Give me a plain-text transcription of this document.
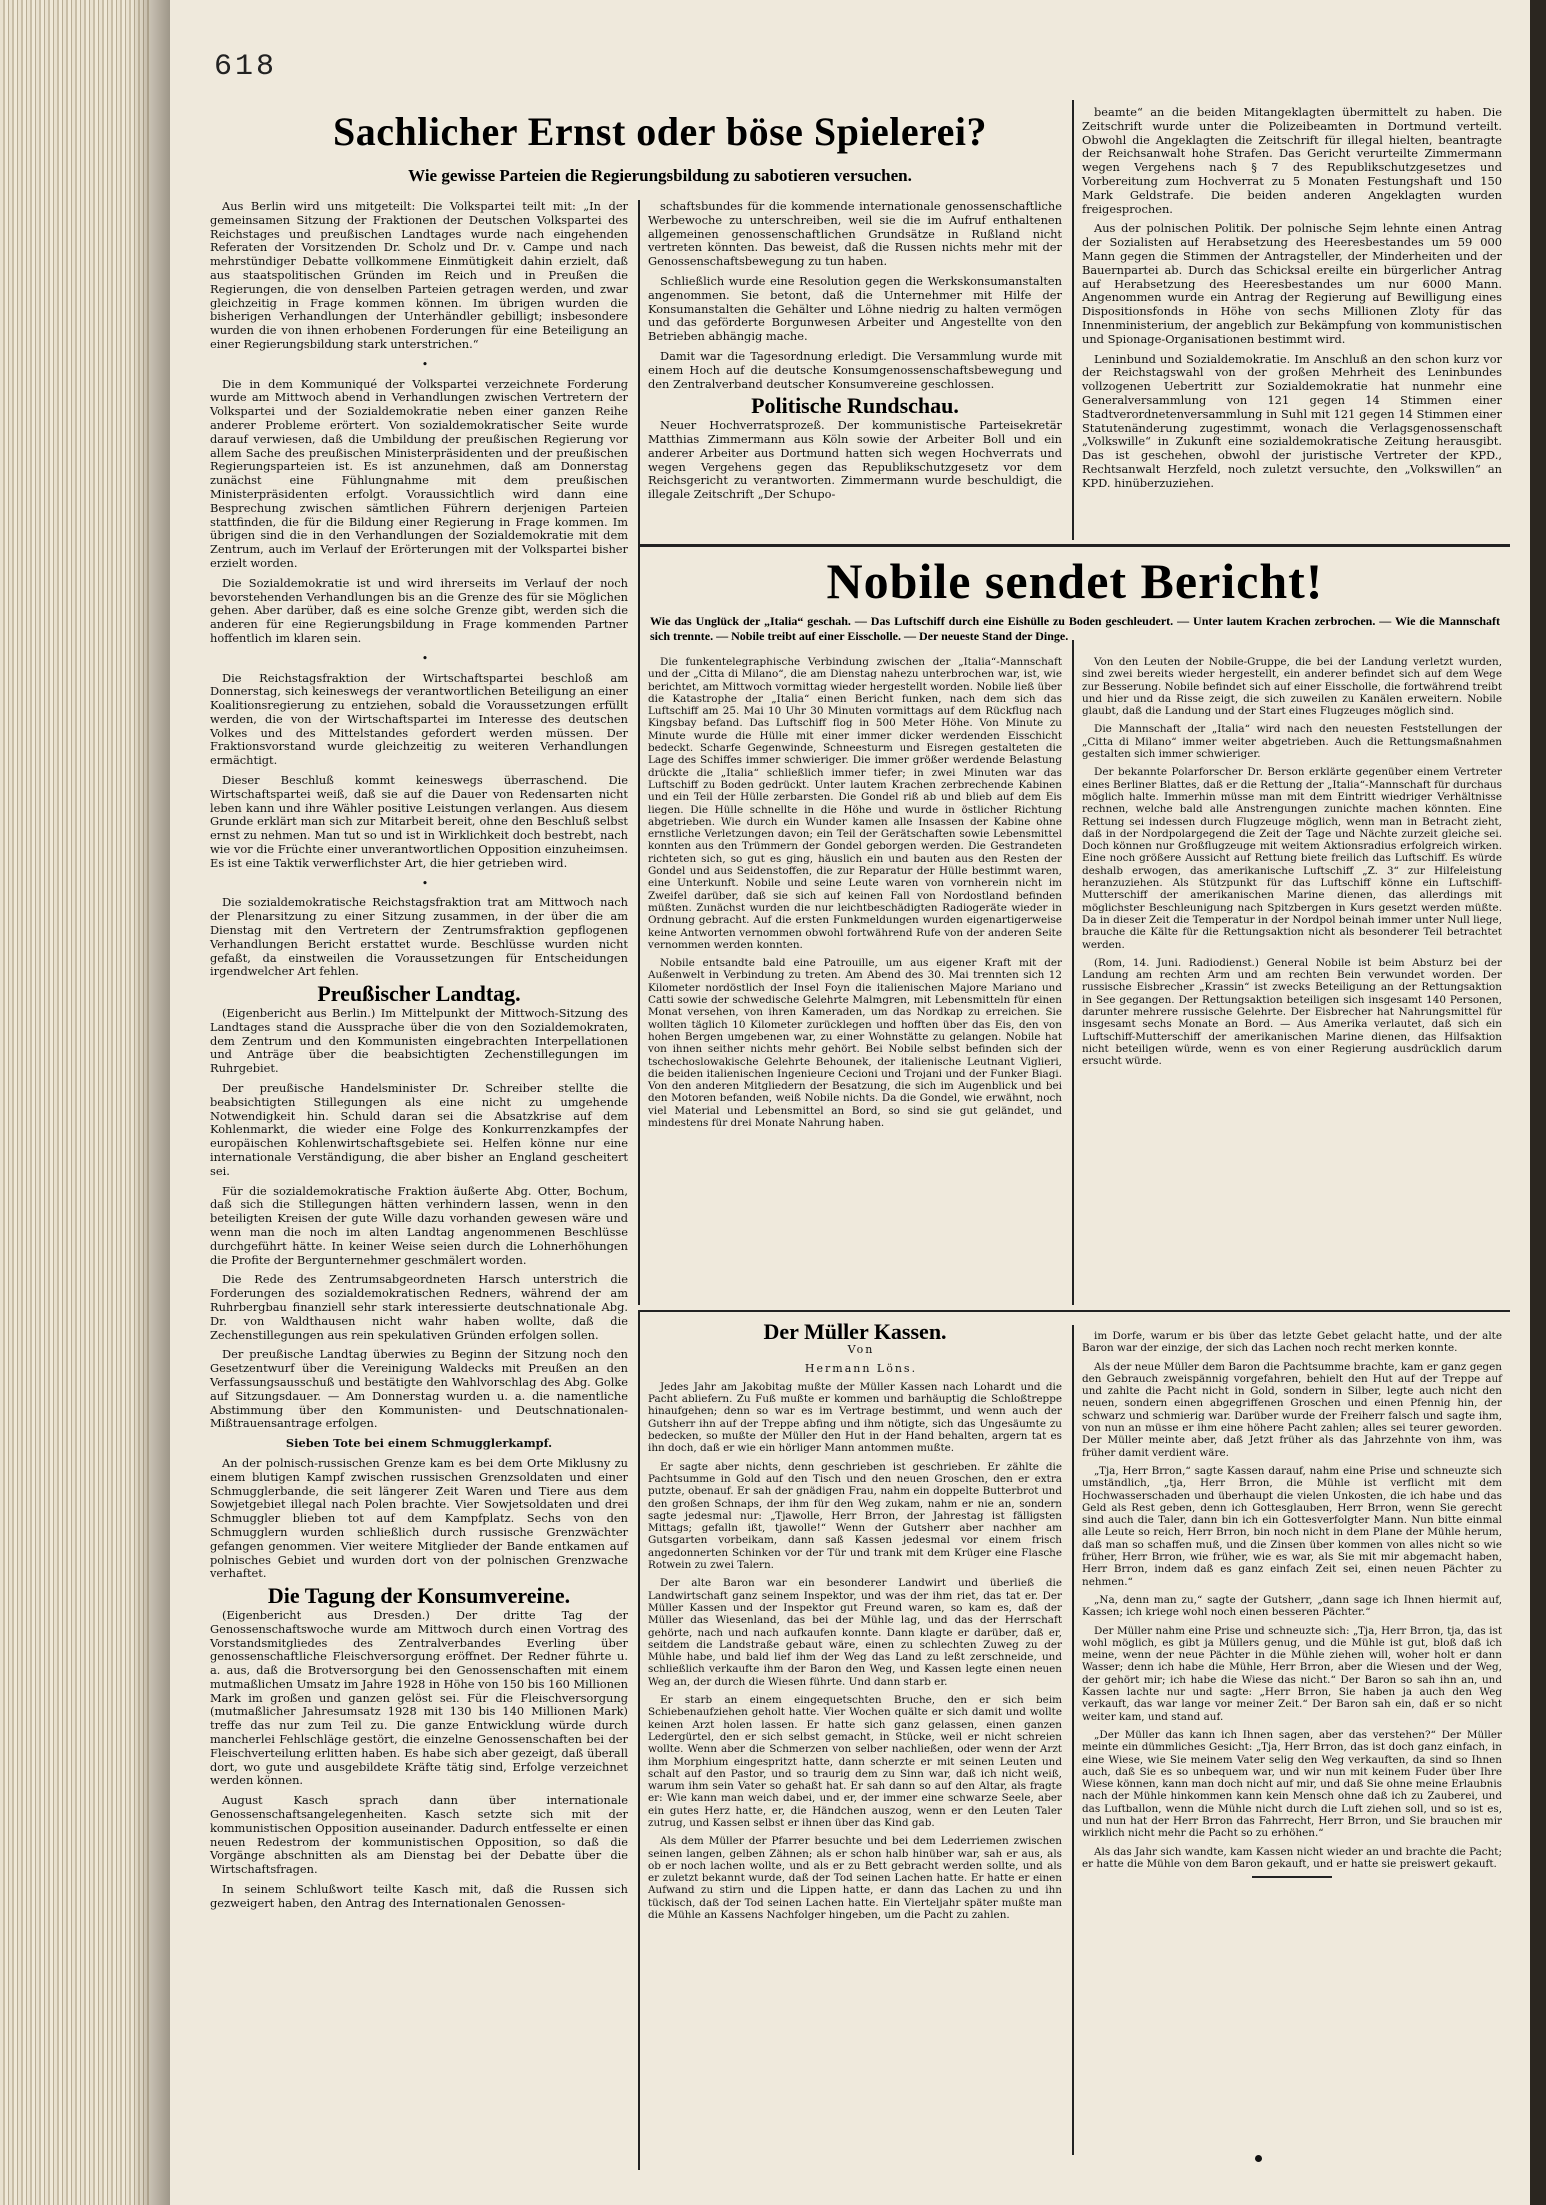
618
Sachlicher Ernst oder böse Spielerei?
Wie gewisse Parteien die Regierungsbildung zu sabotieren versuchen.

Aus Berlin wird uns mitgeteilt: Die Volkspartei teilt mit: „In der gemeinsamen Sitzung der Fraktionen der Deutschen Volkspartei des Reichstages und preußischen Landtages wurde nach eingehenden Referaten der Vorsitzenden Dr. Scholz und Dr. v. Campe und nach mehrstündiger Debatte vollkommene Einmütigkeit dahin erzielt, daß aus staatspolitischen Gründen im Reich und in Preußen die Regierungen, die von denselben Parteien getragen werden, und zwar gleichzeitig in Frage kommen können. Im übrigen wurden die bisherigen Verhandlungen der Unterhändler gebilligt; insbesondere wurden die von ihnen erhobenen Forderungen für eine Beteiligung an einer Regierungsbildung stark unterstrichen.“

•

Die in dem Kommuniqué der Volkspartei verzeichnete Forderung wurde am Mittwoch abend in Verhandlungen zwischen Vertretern der Volkspartei und der Sozialdemokratie neben einer ganzen Reihe anderer Probleme erörtert. Von sozialdemokratischer Seite wurde darauf verwiesen, daß die Umbildung der preußischen Regierung vor allem Sache des preußischen Ministerpräsidenten und der preußischen Regierungsparteien ist. Es ist anzunehmen, daß am Donnerstag zunächst eine Fühlungnahme mit dem preußischen Ministerpräsidenten erfolgt. Voraussichtlich wird dann eine Besprechung zwischen sämtlichen Führern derjenigen Parteien stattfinden, die für die Bildung einer Regierung in Frage kommen. Im übrigen sind die in den Verhandlungen der Sozialdemokratie mit dem Zentrum, auch im Verlauf der Erörterungen mit der Volkspartei bisher erzielt worden.

Die Sozialdemokratie ist und wird ihrerseits im Verlauf der noch bevorstehenden Verhandlungen bis an die Grenze des für sie Möglichen gehen. Aber darüber, daß es eine solche Grenze gibt, werden sich die anderen für eine Regierungsbildung in Frage kommenden Partner hoffentlich im klaren sein.

•

Die Reichstagsfraktion der Wirtschaftspartei beschloß am Donnerstag, sich keineswegs der verantwortlichen Beteiligung an einer Koalitionsregierung zu entziehen, sobald die Voraussetzungen erfüllt werden, die von der Wirtschaftspartei im Interesse des deutschen Volkes und des Mittelstandes gefordert werden müssen. Der Fraktionsvorstand wurde gleichzeitig zu weiteren Verhandlungen ermächtigt.

Dieser Beschluß kommt keineswegs überraschend. Die Wirtschaftspartei weiß, daß sie auf die Dauer von Redensarten nicht leben kann und ihre Wähler positive Leistungen verlangen. Aus diesem Grunde erklärt man sich zur Mitarbeit bereit, ohne den Beschluß selbst ernst zu nehmen. Man tut so und ist in Wirklichkeit doch bestrebt, nach wie vor die Früchte einer unverantwortlichen Opposition einzuheimsen. Es ist eine Taktik verwerflichster Art, die hier getrieben wird.

•

Die sozialdemokratische Reichstagsfraktion trat am Mittwoch nach der Plenarsitzung zu einer Sitzung zusammen, in der über die am Dienstag mit den Vertretern der Zentrumsfraktion gepflogenen Verhandlungen Bericht erstattet wurde. Beschlüsse wurden nicht gefaßt, da einstweilen die Voraussetzungen für Entscheidungen irgendwelcher Art fehlen.

Preußischer Landtag.

(Eigenbericht aus Berlin.) Im Mittelpunkt der Mittwoch-Sitzung des Landtages stand die Aussprache über die von den Sozialdemokraten, dem Zentrum und den Kommunisten eingebrachten Interpellationen und Anträge über die beabsichtigten Zechenstillegungen im Ruhrgebiet.

Der preußische Handelsminister Dr. Schreiber stellte die beabsichtigten Stillegungen als eine nicht zu umgehende Notwendigkeit hin. Schuld daran sei die Absatzkrise auf dem Kohlenmarkt, die wieder eine Folge des Konkurrenzkampfes der europäischen Kohlenwirtschaftsgebiete sei. Helfen könne nur eine internationale Verständigung, die aber bisher an England gescheitert sei.

Für die sozialdemokratische Fraktion äußerte Abg. Otter, Bochum, daß sich die Stillegungen hätten verhindern lassen, wenn in den beteiligten Kreisen der gute Wille dazu vorhanden gewesen wäre und wenn man die noch im alten Landtag angenommenen Beschlüsse durchgeführt hätte. In keiner Weise seien durch die Lohnerhöhungen die Profite der Bergunternehmer geschmälert worden.

Die Rede des Zentrumsabgeordneten Harsch unterstrich die Forderungen des sozialdemokratischen Redners, während der am Ruhrbergbau finanziell sehr stark interessierte deutschnationale Abg. Dr. von Waldthausen nicht wahr haben wollte, daß die Zechenstillegungen aus rein spekulativen Gründen erfolgen sollen.

Der preußische Landtag überwies zu Beginn der Sitzung noch den Gesetzentwurf über die Vereinigung Waldecks mit Preußen an den Verfassungsausschuß und bestätigte den Wahlvorschlag des Abg. Golke auf Sitzungsdauer. — Am Donnerstag wurden u. a. die namentliche Abstimmung über den Kommunisten- und Deutschnationalen-Mißtrauensantrage erfolgen.

Sieben Tote bei einem Schmugglerkampf.

An der polnisch-russischen Grenze kam es bei dem Orte Miklusny zu einem blutigen Kampf zwischen russischen Grenzsoldaten und einer Schmugglerbande, die seit längerer Zeit Waren und Tiere aus dem Sowjetgebiet illegal nach Polen brachte. Vier Sowjetsoldaten und drei Schmuggler blieben tot auf dem Kampfplatz. Sechs von den Schmugglern wurden schließlich durch russische Grenzwächter gefangen genommen. Vier weitere Mitglieder der Bande entkamen auf polnisches Gebiet und wurden dort von der polnischen Grenzwache verhaftet.

Die Tagung der Konsumvereine.

(Eigenbericht aus Dresden.) Der dritte Tag der Genossenschaftswoche wurde am Mittwoch durch einen Vortrag des Vorstandsmitgliedes des Zentralverbandes Everling über genossenschaftliche Fleischversorgung eröffnet. Der Redner führte u. a. aus, daß die Brotversorgung bei den Genossenschaften mit einem mutmaßlichen Umsatz im Jahre 1928 in Höhe von 150 bis 160 Millionen Mark im großen und ganzen gelöst sei. Für die Fleischversorgung (mutmaßlicher Jahresumsatz 1928 mit 130 bis 140 Millionen Mark) treffe das nur zum Teil zu. Die ganze Entwicklung würde durch mancherlei Fehlschläge gestört, die einzelne Genossenschaften bei der Fleischverteilung erlitten haben. Es habe sich aber gezeigt, daß überall dort, wo gute und ausgebildete Kräfte tätig sind, Erfolge verzeichnet werden können.

August Kasch sprach dann über internationale Genossenschaftsangelegenheiten. Kasch setzte sich mit der kommunistischen Opposition auseinander. Dadurch entfesselte er einen neuen Redestrom der kommunistischen Opposition, so daß die Vorgänge abschnitten als am Dienstag bei der Debatte über die Wirtschaftsfragen.

In seinem Schlußwort teilte Kasch mit, daß die Russen sich gezweigert haben, den Antrag des Internationalen Genossen-

schaftsbundes für die kommende internationale genossenschaftliche Werbewoche zu unterschreiben, weil sie die im Aufruf enthaltenen allgemeinen genossenschaftlichen Grundsätze in Rußland nicht vertreten könnten. Das beweist, daß die Russen nichts mehr mit der Genossenschaftsbewegung zu tun haben.

Schließlich wurde eine Resolution gegen die Werkskonsumanstalten angenommen. Sie betont, daß die Unternehmer mit Hilfe der Konsumanstalten die Gehälter und Löhne niedrig zu halten vermögen und das geförderte Borgunwesen Arbeiter und Angestellte von den Betrieben abhängig mache.

Damit war die Tagesordnung erledigt. Die Versammlung wurde mit einem Hoch auf die deutsche Konsumgenossenschaftsbewegung und den Zentralverband deutscher Konsumvereine geschlossen.

Politische Rundschau.

Neuer Hochverratsprozeß. Der kommunistische Parteisekretär Matthias Zimmermann aus Köln sowie der Arbeiter Boll und ein anderer Arbeiter aus Dortmund hatten sich wegen Hochverrats und wegen Vergehens gegen das Republikschutzgesetz vor dem Reichsgericht zu verantworten. Zimmermann wurde beschuldigt, die illegale Zeitschrift „Der Schupo-

beamte“ an die beiden Mitangeklagten übermittelt zu haben. Die Zeitschrift wurde unter die Polizeibeamten in Dortmund verteilt. Obwohl die Angeklagten die Zeitschrift für illegal hielten, beantragte der Reichsanwalt hohe Strafen. Das Gericht verurteilte Zimmermann wegen Vergehens nach § 7 des Republikschutzgesetzes und Vorbereitung zum Hochverrat zu 5 Monaten Festungshaft und 150 Mark Geldstrafe. Die beiden anderen Angeklagten wurden freigesprochen.

Aus der polnischen Politik. Der polnische Sejm lehnte einen Antrag der Sozialisten auf Herabsetzung des Heeresbestandes um 59 000 Mann gegen die Stimmen der Antragsteller, der Minderheiten und der Bauernpartei ab. Durch das Schicksal ereilte ein bürgerlicher Antrag auf Herabsetzung des Heeresbestandes um nur 6000 Mann. Angenommen wurde ein Antrag der Regierung auf Bewilligung eines Dispositionsfonds in Höhe von sechs Millionen Zloty für das Innenministerium, der angeblich zur Bekämpfung von kommunistischen und Spionage-Organisationen bestimmt wird.

Leninbund und Sozialdemokratie. Im Anschluß an den schon kurz vor der Reichstagswahl von der großen Mehrheit des Leninbundes vollzogenen Uebertritt zur Sozialdemokratie hat nunmehr eine Generalversammlung von 121 gegen 14 Stimmen einer Stadtverordnetenversammlung in Suhl mit 121 gegen 14 Stimmen einer Statutenänderung zugestimmt, wonach die Verlagsgenossenschaft „Volkswille“ in Zukunft eine sozialdemokratische Zeitung herausgibt. Das ist geschehen, obwohl der juristische Vertreter der KPD., Rechtsanwalt Herzfeld, noch zuletzt versuchte, den „Volkswillen“ an KPD. hinüberzuziehen.

Nobile sendet Bericht!
Wie das Unglück der „Italia“ geschah. — Das Luftschiff durch eine Eishülle zu Boden geschleudert. — Unter lautem Krachen zerbrochen. — Wie die Mannschaft sich trennte. — Nobile treibt auf einer Eisscholle. — Der neueste Stand der Dinge.

Die funkentelegraphische Verbindung zwischen der „Italia“-Mannschaft und der „Citta di Milano“, die am Dienstag nahezu unterbrochen war, ist, wie berichtet, am Mittwoch vormittag wieder hergestellt worden. Nobile ließ über die Katastrophe der „Italia“ einen Bericht funken, nach dem sich das Luftschiff am 25. Mai 10 Uhr 30 Minuten vormittags auf dem Rückflug nach Kingsbay befand. Das Luftschiff flog in 500 Meter Höhe. Von Minute zu Minute wurde die Hülle mit einer immer dicker werdenden Eisschicht bedeckt. Scharfe Gegenwinde, Schneesturm und Eisregen gestalteten die Lage des Schiffes immer schwieriger. Die immer größer werdende Belastung drückte die „Italia“ schließlich immer tiefer; in zwei Minuten war das Luftschiff zu Boden gedrückt. Unter lautem Krachen zerbrechende Kabinen und ein Teil der Hülle zerbarsten. Die Gondel riß ab und blieb auf dem Eis liegen. Die Hülle schnellte in die Höhe und wurde in östlicher Richtung abgetrieben. Wie durch ein Wunder kamen alle Insassen der Kabine ohne ernstliche Verletzungen davon; ein Teil der Gerätschaften sowie Lebensmittel konnten aus den Trümmern der Gondel geborgen werden. Die Gestrandeten richteten sich, so gut es ging, häuslich ein und bauten aus den Resten der Gondel und aus Seidenstoffen, die zur Reparatur der Hülle bestimmt waren, eine Unterkunft. Nobile und seine Leute waren von vornherein nicht im Zweifel darüber, daß sie sich auf keinen Fall von Nordostland befinden müßten. Zunächst wurden die nur leichtbeschädigten Radiogeräte wieder in Ordnung gebracht. Auf die ersten Funkmeldungen wurden eigenartigerweise keine Antworten vernommen obwohl fortwährend Rufe von der anderen Seite vernommen werden konnten.

Nobile entsandte bald eine Patrouille, um aus eigener Kraft mit der Außenwelt in Verbindung zu treten. Am Abend des 30. Mai trennten sich 12 Kilometer nordöstlich der Insel Foyn die italienischen Majore Mariano und Catti sowie der schwedische Gelehrte Malmgren, mit Lebensmitteln für einen Monat versehen, von ihren Kameraden, um das Nordkap zu erreichen. Sie wollten täglich 10 Kilometer zurücklegen und hofften über das Eis, den von hohen Bergen umgebenen war, zu einer Wohnstätte zu gelangen. Nobile hat von ihnen seither nichts mehr gehört. Bei Nobile selbst befinden sich der tschechoslowakische Gelehrte Behounek, der italienische Leutnant Viglieri, die beiden italienischen Ingenieure Cecioni und Trojani und der Funker Biagi. Von den anderen Mitgliedern der Besatzung, die sich im Augenblick und bei den Motoren befanden, weiß Nobile nichts. Da die Gondel, wie erwähnt, noch viel Material und Lebensmittel an Bord, so sind sie gut geländet, und mindestens für drei Monate Nahrung haben.

Von den Leuten der Nobile-Gruppe, die bei der Landung verletzt wurden, sind zwei bereits wieder hergestellt, ein anderer befindet sich auf dem Wege zur Besserung. Nobile befindet sich auf einer Eisscholle, die fortwährend treibt und hier und da Risse zeigt, die sich zuweilen zu Kanälen erweitern. Nobile glaubt, daß die Landung und der Start eines Flugzeuges möglich sind.

Die Mannschaft der „Italia“ wird nach den neuesten Feststellungen der „Citta di Milano“ immer weiter abgetrieben. Auch die Rettungsmaßnahmen gestalten sich immer schwieriger.

Der bekannte Polarforscher Dr. Berson erklärte gegenüber einem Vertreter eines Berliner Blattes, daß er die Rettung der „Italia“-Mannschaft für durchaus möglich halte. Immerhin müsse man mit dem Eintritt wiedriger Verhältnisse rechnen, welche bald alle Anstrengungen zunichte machen könnten. Eine Rettung sei indessen durch Flugzeuge möglich, wenn man in Betracht zieht, daß in der Nordpolargegend die Zeit der Tage und Nächte zurzeit gleiche sei. Doch können nur Großflugzeuge mit weitem Aktionsradius erfolgreich wirken. Eine noch größere Aussicht auf Rettung biete freilich das Luftschiff. Es würde deshalb erwogen, das amerikanische Luftschiff „Z. 3“ zur Hilfeleistung heranzuziehen. Als Stützpunkt für das Luftschiff könne ein Luftschiff-Mutterschiff der amerikanischen Marine dienen, das allerdings mit möglichster Beschleunigung nach Spitzbergen in Kurs gesetzt werden müßte. Da in dieser Zeit die Temperatur in der Nordpol beinah immer unter Null liege, brauche die Kälte für die Rettungsaktion nicht als besonderer Teil betrachtet werden.

(Rom, 14. Juni. Radiodienst.) General Nobile ist beim Absturz bei der Landung am rechten Arm und am rechten Bein verwundet worden. Der russische Eisbrecher „Krassin“ ist zwecks Beteiligung an der Rettungsaktion in See gegangen. Der Rettungsaktion beteiligen sich insgesamt 140 Personen, darunter mehrere russische Gelehrte. Der Eisbrecher hat Nahrungsmittel für insgesamt sechs Monate an Bord. — Aus Amerika verlautet, daß sich ein Luftschiff-Mutterschiff der amerikanischen Marine dienen, das Hilfsaktion nicht beteiligen würde, wenn es von einer Regierung ausdrücklich darum ersucht würde.

Der Müller Kassen.

Von

Hermann Löns.

Jedes Jahr am Jakobitag mußte der Müller Kassen nach Lohardt und die Pacht abliefern. Zu Fuß mußte er kommen und barhäuptig die Schloßtreppe hinaufgehen; denn so war es im Vertrage bestimmt, und wenn auch der Gutsherr ihn auf der Treppe abfing und ihm nötigte, sich das Ungesäumte zu bedecken, so mußte der Müller den Hut in der Hand behalten, argern tat es ihn doch, daß er wie ein hörliger Mann antommen mußte.

Er sagte aber nichts, denn geschrieben ist geschrieben. Er zählte die Pachtsumme in Gold auf den Tisch und den neuen Groschen, den er extra putzte, obenauf. Er sah der gnädigen Frau, nahm ein doppelte Butterbrot und den großen Schnaps, der ihm für den Weg zukam, nahm er nie an, sondern sagte jedesmal nur: „Tjawolle, Herr Brron, der Jahrestag ist fälligsten Mittags; gefalln ißt, tjawolle!“ Wenn der Gutsherr aber nachher am Gutsgarten vorbeikam, dann saß Kassen jedesmal vor einem frisch angedonnerten Schinken vor der Tür und trank mit dem Krüger eine Flasche Rotwein zu zwei Talern.

Der alte Baron war ein besonderer Landwirt und überließ die Landwirtschaft ganz seinem Inspektor, und was der ihm riet, das tat er. Der Müller Kassen und der Inspektor gut Freund waren, so kam es, daß der Müller das Wiesenland, das bei der Mühle lag, und das der Herrschaft gehörte, nach und nach aufkaufen konnte. Dann klagte er darüber, daß er, seitdem die Landstraße gebaut wäre, einen zu schlechten Zuweg zu der Mühle habe, und bald lief ihm der Weg das Land zu leßt zerschneide, und schließlich verkaufte ihm der Baron den Weg, und Kassen legte einen neuen Weg an, der durch die Wiesen führte. Und dann starb er.

Er starb an einem eingequetschten Bruche, den er sich beim Schiebenaufziehen geholt hatte. Vier Wochen quälte er sich damit und wollte keinen Arzt holen lassen. Er hatte sich ganz gelassen, einen ganzen Ledergürtel, den er sich selbst gemacht, in Stücke, weil er nicht schreien wollte. Wenn aber die Schmerzen von selber nachließen, oder wenn der Arzt ihm Morphium eingespritzt hatte, dann scherzte er mit seinen Leuten und schalt auf den Pastor, und so traurig dem zu Sinn war, daß ich nicht weiß, warum ihm sein Vater so gehaßt hat. Er sah dann so auf den Altar, als fragte er: Wie kann man weich dabei, und er, der immer eine schwarze Seele, aber ein gutes Herz hatte, er, die Händchen auszog, wenn er den Leuten Taler zutrug, und Kassen selbst er ihnen über das Kind gab.

Als dem Müller der Pfarrer besuchte und bei dem Lederriemen zwischen seinen langen, gelben Zähnen; als er schon halb hinüber war, sah er aus, als ob er noch lachen wollte, und als er zu Bett gebracht werden sollte, und als er zuletzt bekannt wurde, daß der Tod seinen Lachen hatte. Er hatte er einen Aufwand zu stirn und die Lippen hatte, er dann das Lachen zu und ihn tückisch, daß der Tod seinen Lachen hatte. Ein Vierteljahr später mußte man die Mühle an Kassens Nachfolger hingeben, um die Pacht zu zahlen.

im Dorfe, warum er bis über das letzte Gebet gelacht hatte, und der alte Baron war der einzige, der sich das Lachen noch recht merken konnte.

Als der neue Müller dem Baron die Pachtsumme brachte, kam er ganz gegen den Gebrauch zweispännig vorgefahren, behielt den Hut auf der Treppe auf und zahlte die Pacht nicht in Gold, sondern in Silber, legte auch nicht den neuen, sondern einen abgegriffenen Groschen und einen Pfennig hin, der schwarz und schmierig war. Darüber wurde der Freiherr falsch und sagte ihm, von nun an müsse er ihm eine höhere Pacht zahlen; alles sei teurer geworden. Der Müller meinte aber, daß Jetzt früher als das Jahrzehnte von ihm, was früher damit verdient wäre.

„Tja, Herr Brron,“ sagte Kassen darauf, nahm eine Prise und schneuzte sich umständlich, „tja, Herr Brron, die Mühle ist verflicht mit dem Hochwasserschaden und überhaupt die vielen Unkosten, die ich habe und das Geld als Rest geben, denn ich Gottesglauben, Herr Brron, wenn Sie gerecht sind auch die Taler, dann bin ich ein Gottesverfolgter Mann. Nun bitte einmal alle Leute so reich, Herr Brron, bin noch nicht in dem Plane der Mühle herum, daß man so schaffen muß, und die Zinsen über kommen von alles nicht so wie früher, Herr Brron, wie früher, wie es war, als Sie mit mir abgemacht haben, Herr Brron, indem daß es ganz einfach Zeit sei, einen neuen Pächter zu nehmen.“

„Na, denn man zu,“ sagte der Gutsherr, „dann sage ich Ihnen hiermit auf, Kassen; ich kriege wohl noch einen besseren Pächter.“

Der Müller nahm eine Prise und schneuzte sich: „Tja, Herr Brron, tja, das ist wohl möglich, es gibt ja Müllers genug, und die Mühle ist gut, bloß daß ich meine, wenn der neue Pächter in die Mühle ziehen will, woher holt er dann Wasser; denn ich habe die Mühle, Herr Brron, aber die Wiesen und der Weg, der gehört mir; ich habe die Wiese das nicht.“ Der Baron so sah ihn an, und Kassen lachte nur und sagte: „Herr Brron, Sie haben ja auch den Weg verkauft, das war lange vor meiner Zeit.“ Der Baron sah ein, daß er so nicht weiter kam, und stand auf.

„Der Müller das kann ich Ihnen sagen, aber das verstehen?“ Der Müller meinte ein dümmliches Gesicht: „Tja, Herr Brron, das ist doch ganz einfach, in eine Wiese, wie Sie meinem Vater selig den Weg verkauften, da sind so Ihnen auch, daß Sie es so unbequem war, und wir nun mit keinem Fuder über Ihre Wiese können, kann man doch nicht auf mir, und daß Sie ohne meine Erlaubnis nach der Mühle hinkommen kann kein Mensch ohne daß ich zu Zauberei, und das Luftballon, wenn die Mühle nicht durch die Luft ziehen soll, und so ist es, und nun hat der Herr Brron das Fahrrecht, Herr Brron, und Sie brauchen mir wirklich nicht mehr die Pacht so zu erhöhen.“

Als das Jahr sich wandte, kam Kassen nicht wieder an und brachte die Pacht; er hatte die Mühle von dem Baron gekauft, und er hatte sie preiswert gekauft.
